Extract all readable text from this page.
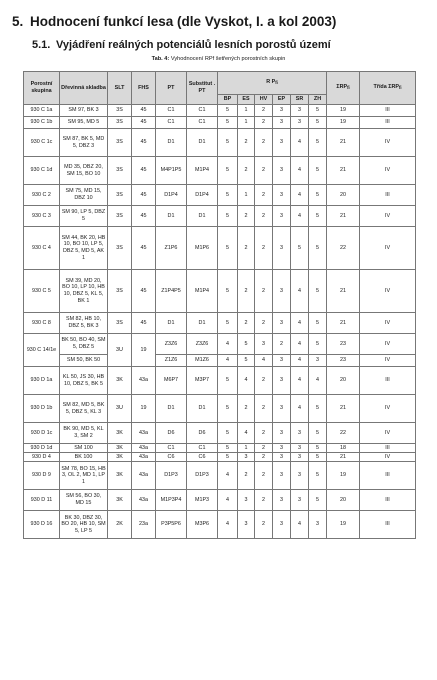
5. Hodnocení funkcí lesa (dle Vyskot, I. a kol 2003)
5.1. Vyjádření reálných potenciálů lesních porostů území
Tab. 4: Vyhodnocení RPf šetřených porostních skupin
Porostní skupina	Dřevinná skladba	SLT	FHS	PT	Substitut . PT	R $P_{fi}$						$\Sigma RP_{fi}$	Třída $\Sigma RP_{fi}$
						BP	ES	HV	EP	SR	ZH		
930 C 1a	SM 97, BK 3	3S	45	C1	C1	5	1	2	3	3	5	19	III
930 C 1b	SM 95, MD 5	3S	45	C1	C1	5	1	2	3	3	5	19	III
930 C 1c	SM 87, BK 5, MD 5, DBZ 3	3S	45	D1	D1	5	2	2	3	4	5	21	IV
930 C 1d	MD 35, DBZ 20, SM 15, BO 10	3S	45	M4P1P5	M1P4	5	2	2	3	4	5	21	IV
930 C 2	SM 75, MD 15, DBZ 10	3S	45	D1P4	D1P4	5	1	2	3	4	5	20	III
930 C 3	SM 90, LP 5, DBZ 5	3S	45	D1	D1	5	2	2	3	4	5	21	IV
930 C 4	SM 44, BK 20, HB 10, BO 10, LP 5, DBZ 5, MD 5, AK 1	3S	45	Z1P6	M1P6	5	2	2	3	5	5	22	IV
930 C 5	SM 39, MD 20, BO 10, LP 10, HB 10, DBZ 5, KL 5, BK 1	3S	45	Z1P4P5	M1P4	5	2	2	3	4	5	21	IV
930 C 8	SM 82, HB 10, DBZ 5, BK 3	3S	45	D1	D1	5	2	2	3	4	5	21	IV
930 C 14/1e	BK 50, BO 40, SM 5, DBZ 5	3U	19	Z3Z6	Z3Z6	4	5	3	2	4	5	23	IV
	SM 50, BK 50			Z1Z6	M1Z6	4	5	4	3	4	3	23	IV
930 D 1a	KL 50, JS 30, HB 10, DBZ 5, BK 5	3K	43a	M6P7	M3P7	5	4	2	3	4	4	20	III
930 D 1b	SM 82, MD 5, BK 5, DBZ 5, KL 3	3U	19	D1	D1	5	2	2	3	4	5	21	IV
930 D 1c	BK 90, MD 5, KL 3, SM 2	3K	43a	D6	D6	5	4	2	3	3	5	22	IV
930 D 1d	SM 100	3K	43a	C1	C1	5	1	2	3	3	5	18	III
930 D 4	BK 100	3K	43a	C6	C6	5	3	2	3	3	5	21	IV
930 D 9	SM 78, BO 15, HB 3, OL 2, MD 1, LP 1	3K	43a	D1P3	D1P3	4	2	2	3	3	5	19	III
930 D 11	SM 56, BO 30, MD 15	3K	43a	M1P3P4	M1P3	4	3	2	3	3	5	20	III
930 D 16	BK 30, DBZ 30, BO 20, HB 10, SM 5, LP 5	2K	23a	P3P5P6	M3P6	4	3	2	3	4	3	19	III
